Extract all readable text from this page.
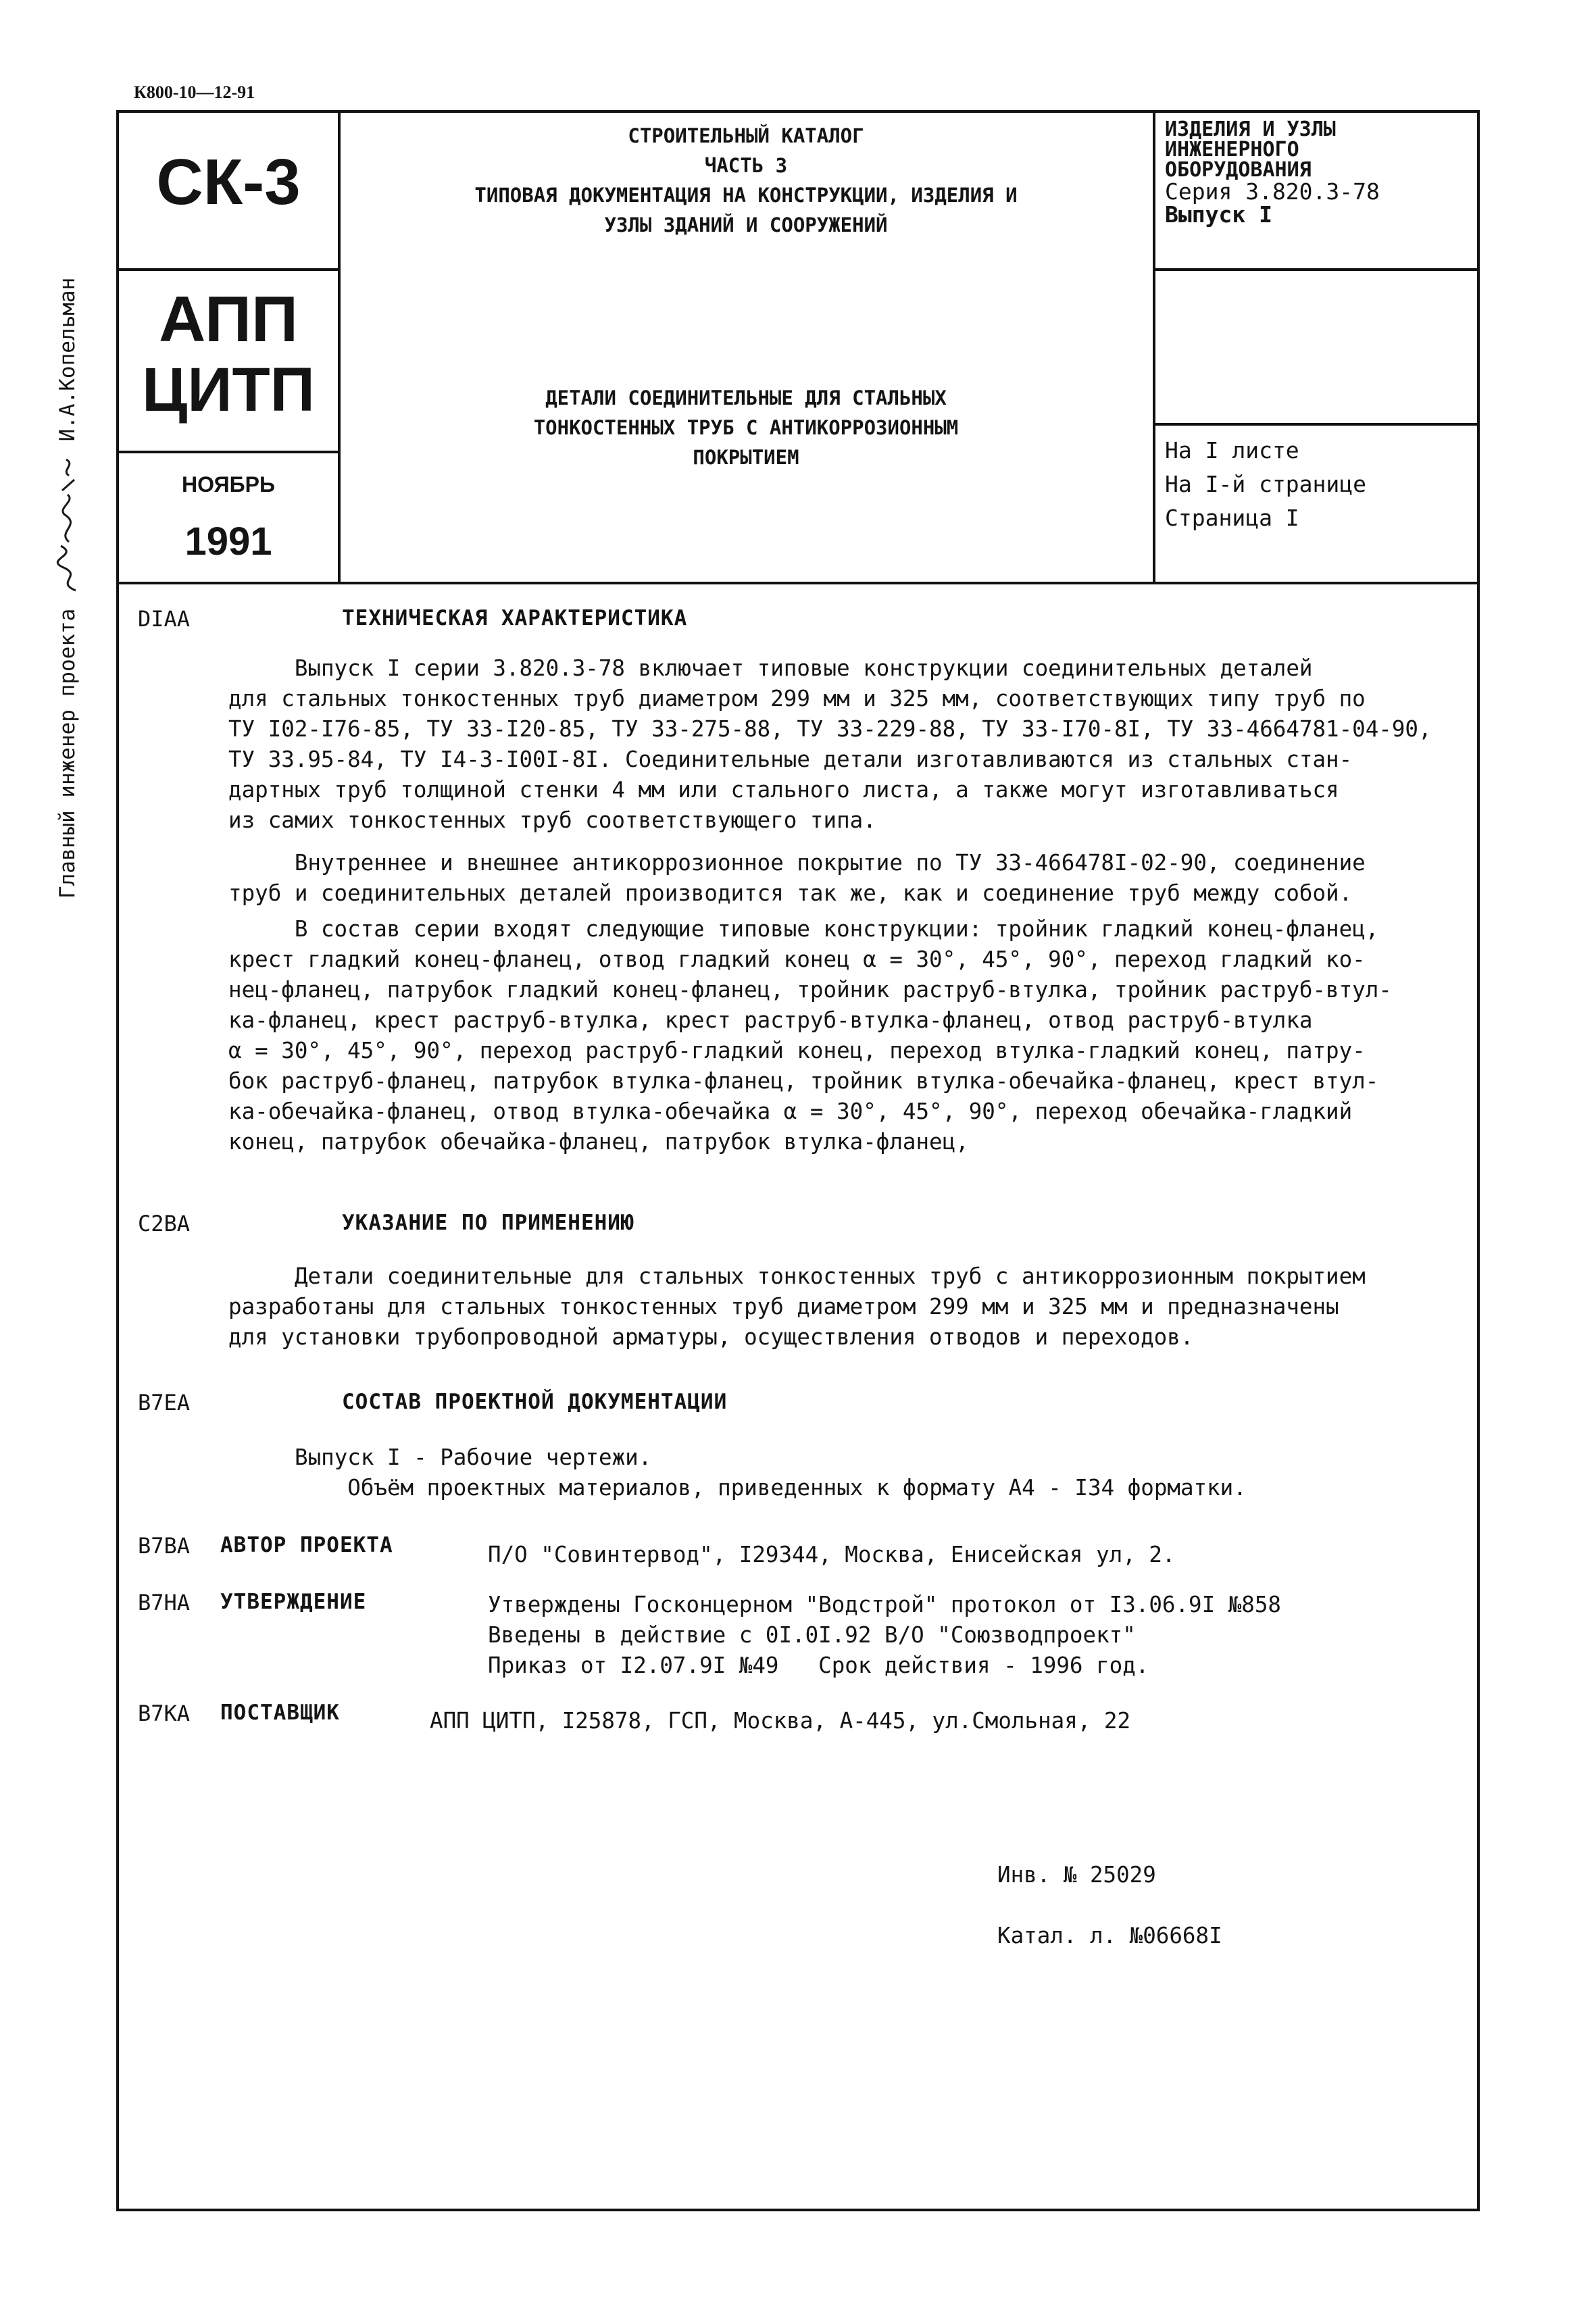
К800-10—12-91
Главный инженер проекта  И.А.Копельман
СК-3
АПП
ЦИТП
НОЯБРЬ
1991
СТРОИТЕЛЬНЫЙ КАТАЛОГ
ЧАСТЬ 3
ТИПОВАЯ ДОКУМЕНТАЦИЯ НА КОНСТРУКЦИИ, ИЗДЕЛИЯ И
УЗЛЫ ЗДАНИЙ И СООРУЖЕНИЙ
ДЕТАЛИ СОЕДИНИТЕЛЬНЫЕ ДЛЯ СТАЛЬНЫХ
ТОНКОСТЕННЫХ ТРУБ С АНТИКОРРОЗИОННЫМ
ПОКРЫТИЕМ
ИЗДЕЛИЯ И УЗЛЫ
ИНЖЕНЕРНОГО
ОБОРУДОВАНИЯ
Серия 3.820.3-78
Выпуск I
На I листе
На I-й странице
Страница I
DIAA	ТЕХНИЧЕСКАЯ ХАРАКТЕРИСТИКА
Выпуск I серии 3.820.3-78 включает типовые конструкции соединительных деталей
для стальных тонкостенных труб диаметром 299 мм и 325 мм, соответствующих типу труб по
ТУ I02-I76-85, ТУ 33-I20-85, ТУ 33-275-88, ТУ 33-229-88, ТУ 33-I70-8I, ТУ 33-4664781-04-90,
ТУ 33.95-84, ТУ I4-3-I00I-8I. Соединительные детали изготавливаются из стальных стан-
дартных труб толщиной стенки 4 мм или стального листа, а также могут изготавливаться
из самих тонкостенных труб соответствующего типа.
Внутреннее и внешнее антикоррозионное покрытие по ТУ 33-466478I-02-90, соединение
труб и соединительных деталей производится так же, как и соединение труб между собой.
В состав серии входят следующие типовые конструкции: тройник гладкий конец-фланец,
крест гладкий конец-фланец, отвод гладкий конец α = 30°, 45°, 90°, переход гладкий ко-
нец-фланец, патрубок гладкий конец-фланец, тройник раструб-втулка, тройник раструб-втул-
ка-фланец, крест раструб-втулка, крест раструб-втулка-фланец, отвод раструб-втулка
α = 30°, 45°, 90°, переход раструб-гладкий конец, переход втулка-гладкий конец, патру-
бок раструб-фланец, патрубок втулка-фланец, тройник втулка-обечайка-фланец, крест втул-
ка-обечайка-фланец, отвод втулка-обечайка α = 30°, 45°, 90°, переход обечайка-гладкий
конец, патрубок обечайка-фланец, патрубок втулка-фланец,
C2BA	УКАЗАНИЕ ПО ПРИМЕНЕНИЮ
Детали соединительные для стальных тонкостенных труб с антикоррозионным покрытием
разработаны для стальных тонкостенных труб диаметром 299 мм и 325 мм и предназначены
для установки трубопроводной арматуры, осуществления отводов и переходов.
B7EA	СОСТАВ ПРОЕКТНОЙ ДОКУМЕНТАЦИИ
Выпуск I - Рабочие чертежи.
Объём проектных материалов, приведенных к формату А4 - I34 форматки.
B7BA АВТОР ПРОЕКТА	П/О "Совинтервод", I29344, Москва, Енисейская ул, 2.
B7HA УТВЕРЖДЕНИЕ	Утверждены Госконцерном "Водстрой" протокол от I3.06.9I №858
Введены в действие с 0I.0I.92 В/О "Союзводпроект"
Приказ от I2.07.9I №49   Срок действия - 1996 год.
B7KA ПОСТАВЩИК	АПП ЦИТП, I25878, ГСП, Москва, А-445, ул.Смольная, 22
Инв. № 25029
Катал. л. №06668I
